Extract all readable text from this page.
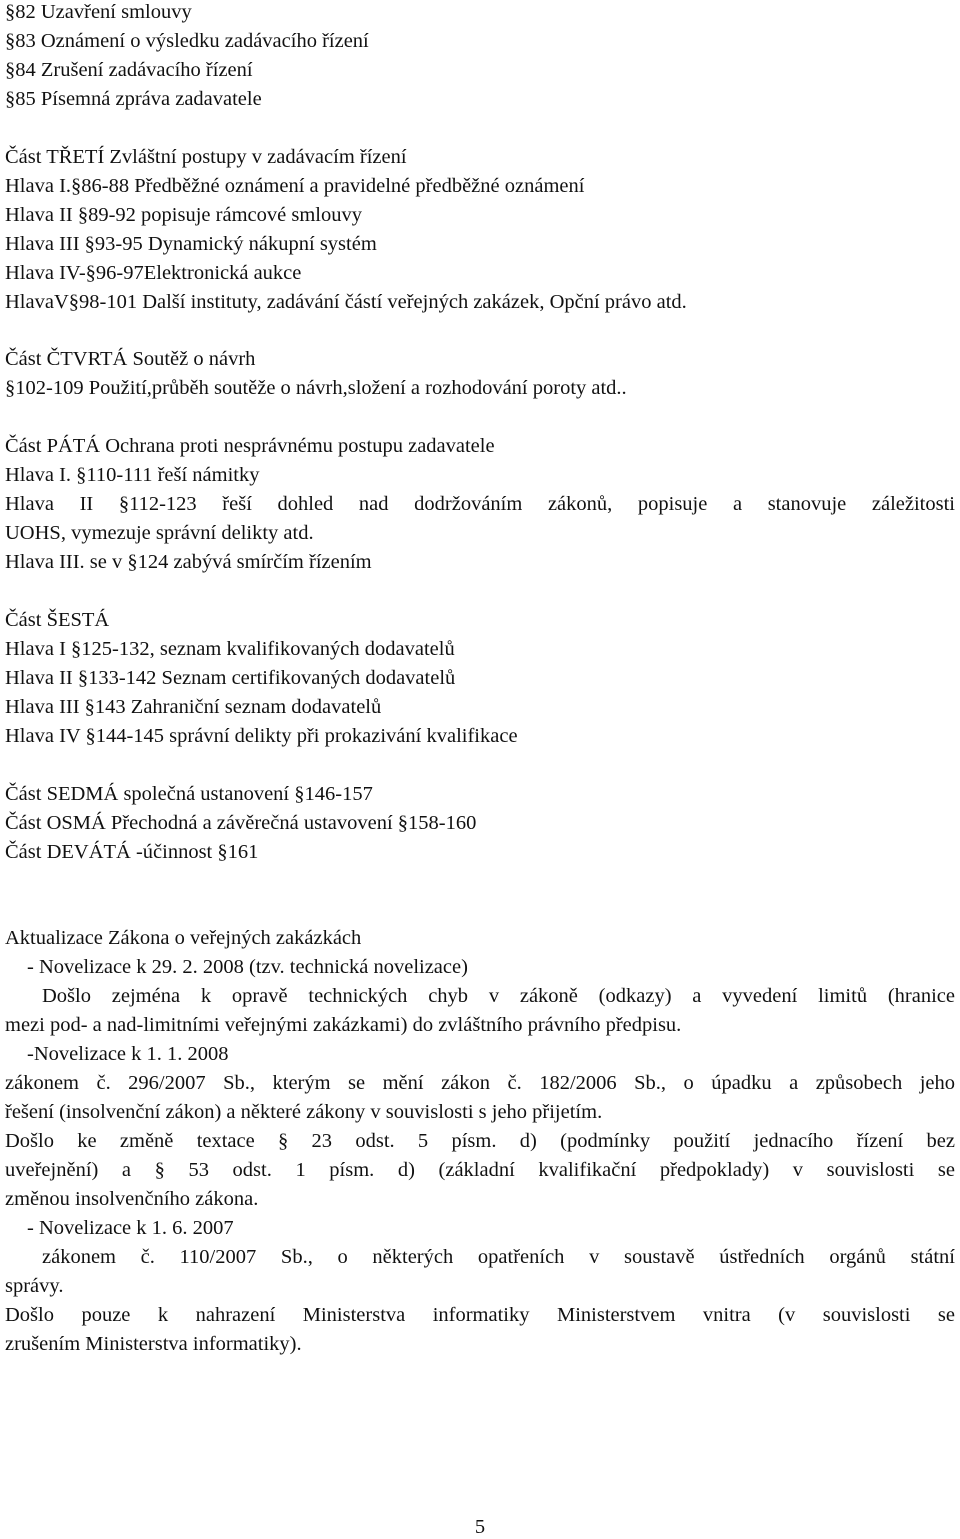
§82 Uzavření smlouvy

§83 Oznámení o výsledku zadávacího řízení

§84 Zrušení zadávacího řízení

§85 Písemná zpráva zadavatele

Část TŘETÍ Zvláštní postupy v zadávacím řízení

Hlava I.§86-88 Předběžné oznámení a pravidelné předběžné oznámení

Hlava II §89-92 popisuje rámcové smlouvy

Hlava III §93-95 Dynamický nákupní systém

Hlava IV-§96-97Elektronická aukce

HlavaV§98-101 Další instituty, zadávání částí veřejných zakázek, Opční právo atd.

Část ČTVRTÁ Soutěž o návrh

§102-109 Použití,průběh soutěže o návrh,složení a rozhodování poroty atd..

Část PÁTÁ Ochrana proti nesprávnému postupu zadavatele

Hlava I. §110-111 řeší námitky

Hlava II §112-123 řeší dohled nad dodržováním zákonů, popisuje a stanovuje záležitosti

UOHS, vymezuje správní delikty atd.

Hlava III. se v §124 zabývá smírčím řízením

Část ŠESTÁ

Hlava I §125-132, seznam kvalifikovaných dodavatelů

Hlava II §133-142 Seznam certifikovaných dodavatelů

Hlava III §143 Zahraniční seznam dodavatelů

Hlava IV §144-145 správní delikty při prokazivání kvalifikace

Část SEDMÁ společná ustanovení §146-157

Část OSMÁ Přechodná a závěrečná ustavovení §158-160

Část DEVÁTÁ -účinnost §161

Aktualizace Zákona o veřejných zakázkách

- Novelizace k 29. 2. 2008 (tzv. technická novelizace)

Došlo zejména k opravě technických chyb v zákoně (odkazy) a vyvedení limitů (hranice

mezi pod- a nad-limitními veřejnými zakázkami) do zvláštního právního předpisu.

-Novelizace k 1. 1. 2008

zákonem č. 296/2007 Sb., kterým se mění zákon č. 182/2006 Sb., o úpadku a způsobech jeho

řešení (insolvenční zákon) a některé zákony v souvislosti s jeho přijetím.

Došlo ke změně textace § 23 odst. 5 písm. d) (podmínky použití jednacího řízení bez

uveřejnění) a § 53 odst. 1 písm. d) (základní kvalifikační předpoklady) v souvislosti se

změnou insolvenčního zákona.

- Novelizace k 1. 6. 2007

zákonem č. 110/2007 Sb., o některých opatřeních v soustavě ústředních orgánů státní

správy.

Došlo pouze k nahrazení Ministerstva informatiky Ministerstvem vnitra (v souvislosti se

zrušením Ministerstva informatiky).

5
